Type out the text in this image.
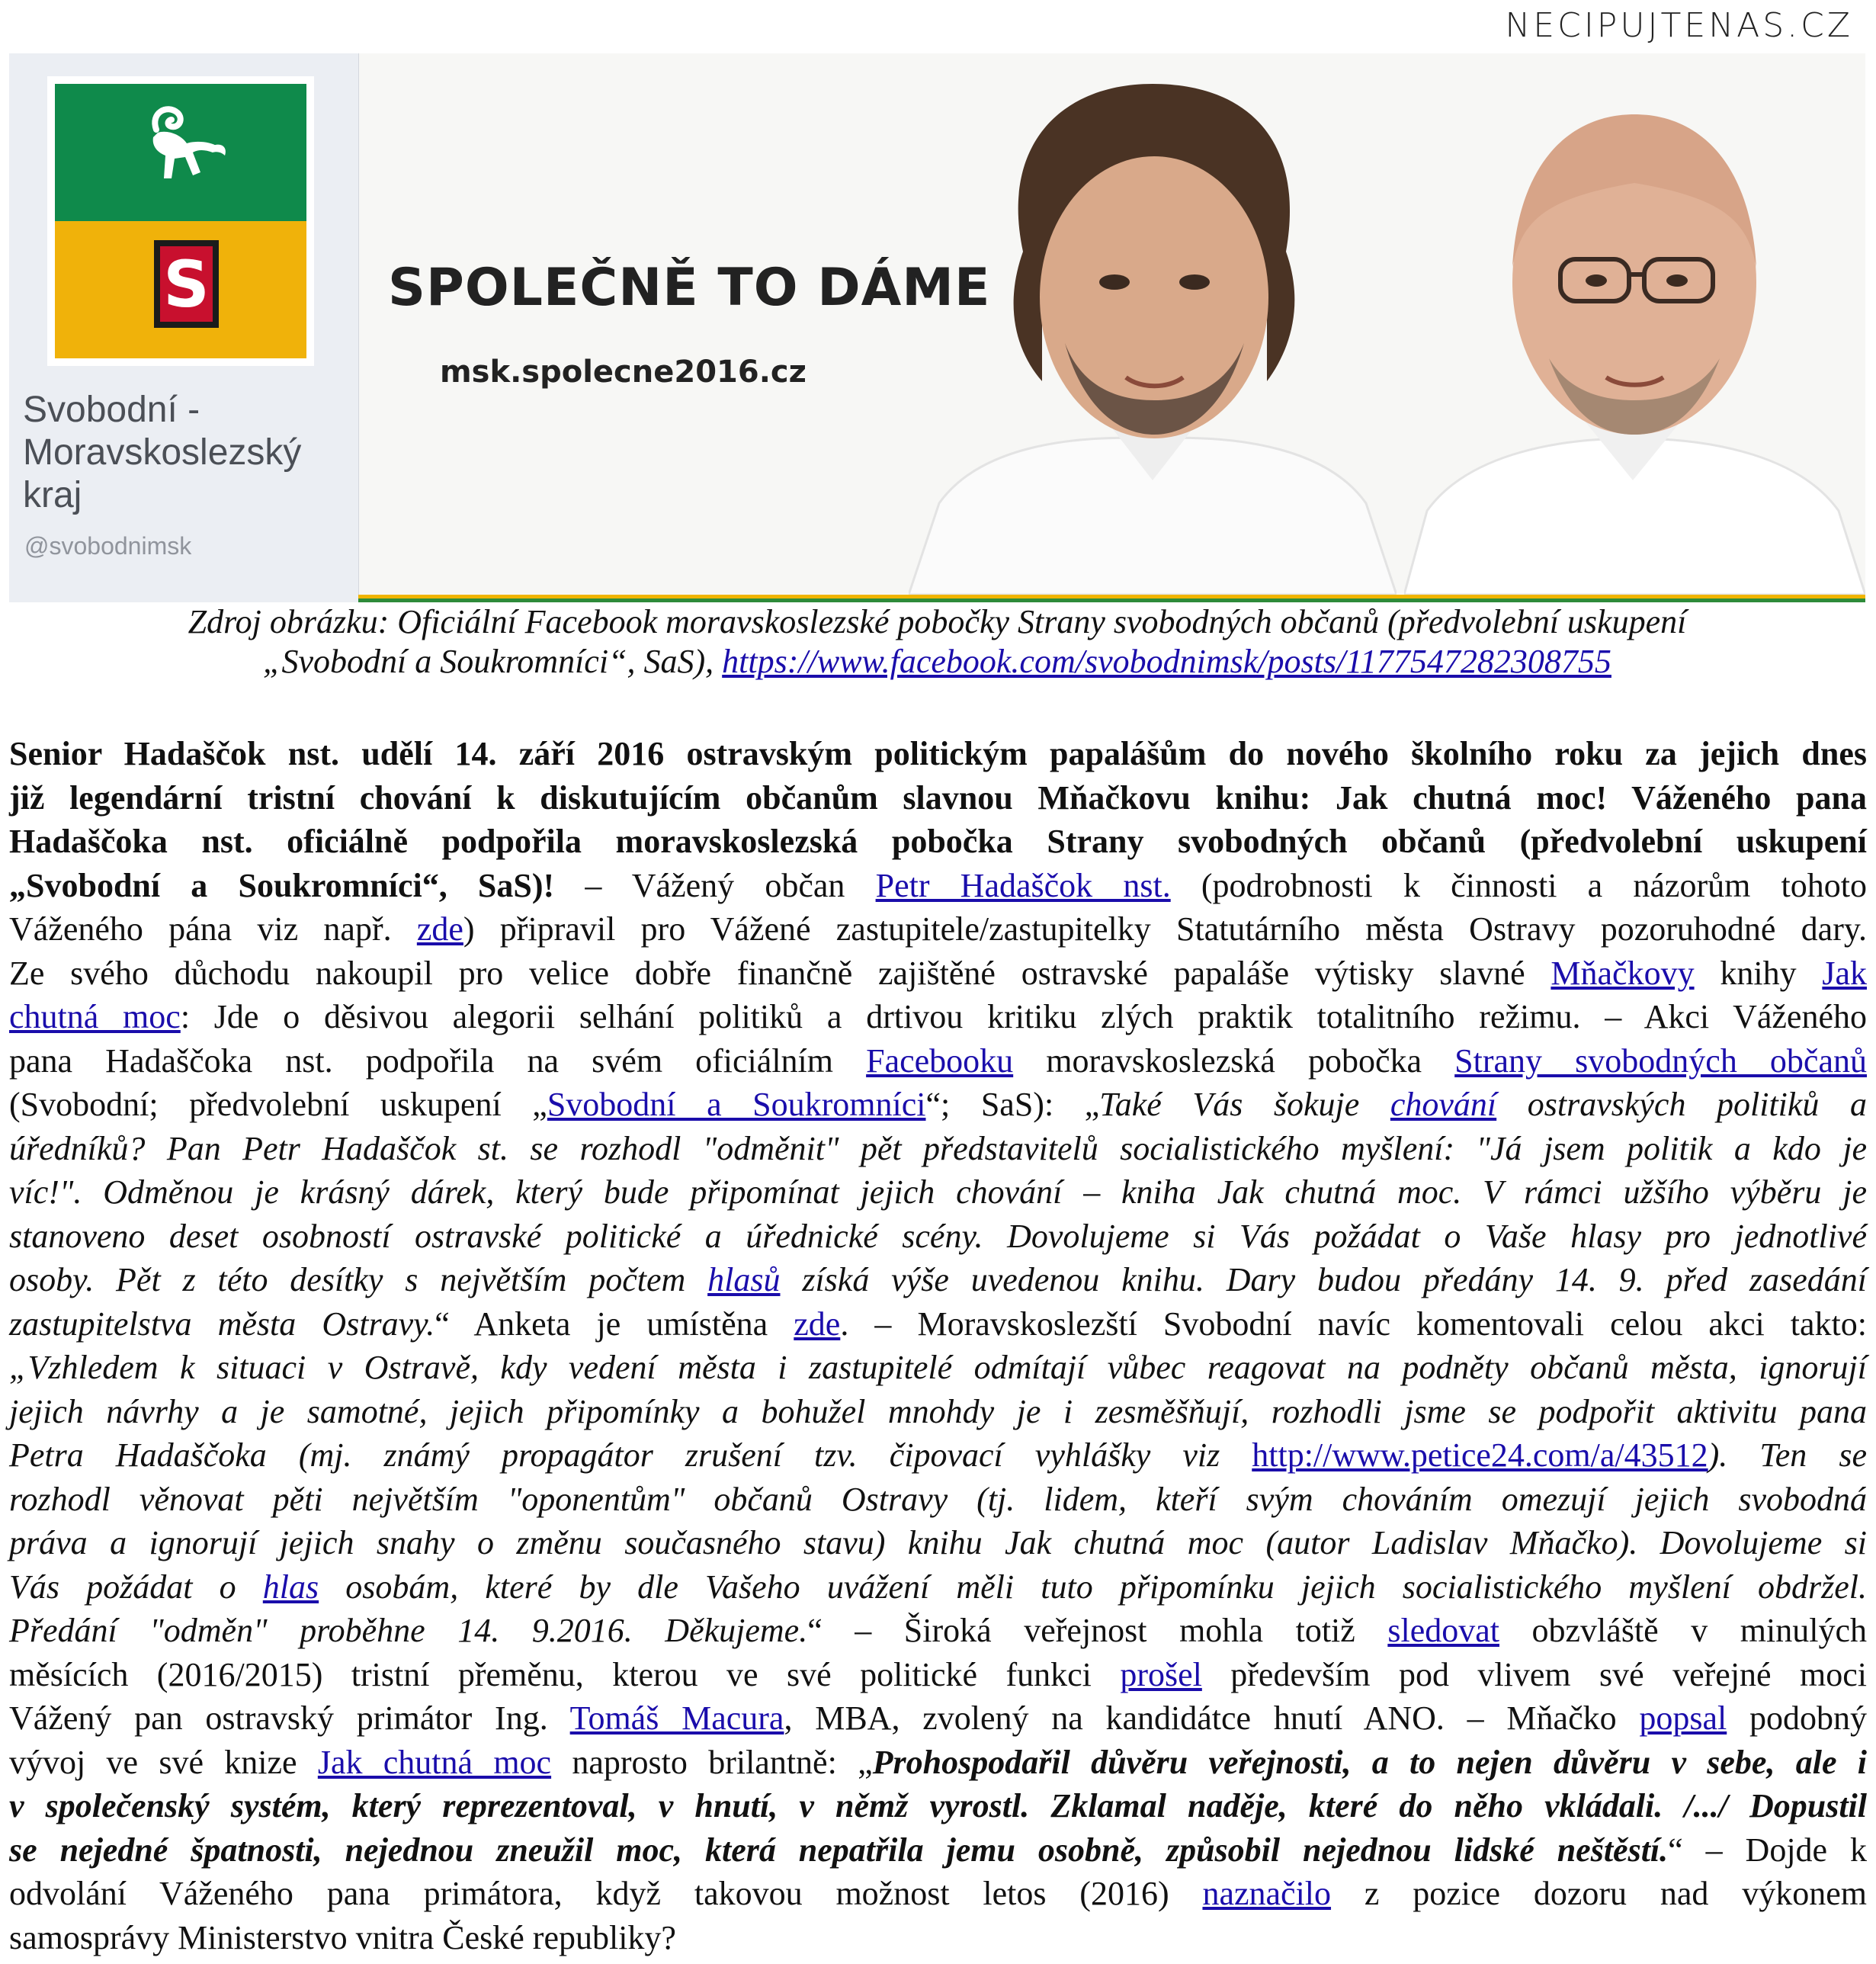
NECIPUJTENAS.CZ
S
Svobodní -
Moravskoslezský
kraj
@svobodnimsk
SPOLEČNĚ TO DÁME
msk.spolecne2016.cz
Zdroj obrázku: Oficiální Facebook moravskoslezské pobočky Strany svobodných občanů (předvolební uskupení
„Svobodní a Soukromníci“, SaS), https://www.facebook.com/svobodnimsk/posts/1177547282308755
Senior Hadaščok nst. udělí 14. září 2016 ostravským politickým papalášům do nového školního roku za jejich dnes
již legendární tristní chování k diskutujícím občanům slavnou Mňačkovu knihu: Jak chutná moc! Váženého pana
Hadaščoka nst. oficiálně podpořila moravskoslezská pobočka Strany svobodných občanů (předvolební uskupení
„Svobodní a Soukromníci“, SaS)! – Vážený občan Petr Hadaščok nst. (podrobnosti k činnosti a názorům tohoto
Váženého pána viz např. zde) připravil pro Vážené zastupitele/zastupitelky Statutárního města Ostravy pozoruhodné dary.
Ze svého důchodu nakoupil pro velice dobře finančně zajištěné ostravské papaláše výtisky slavné Mňačkovy knihy Jak
chutná moc: Jde o děsivou alegorii selhání politiků a drtivou kritiku zlých praktik totalitního režimu. – Akci Váženého
pana Hadaščoka nst. podpořila na svém oficiálním Facebooku moravskoslezská pobočka Strany svobodných občanů
(Svobodní; předvolební uskupení „Svobodní a Soukromníci“; SaS): „Také Vás šokuje chování ostravských politiků a
úředníků? Pan Petr Hadaščok st. se rozhodl "odměnit" pět představitelů socialistického myšlení: "Já jsem politik a kdo je
víc!". Odměnou je krásný dárek, který bude připomínat jejich chování – kniha Jak chutná moc. V rámci užšího výběru je
stanoveno deset osobností ostravské politické a úřednické scény. Dovolujeme si Vás požádat o Vaše hlasy pro jednotlivé
osoby. Pět z této desítky s největším počtem hlasů získá výše uvedenou knihu. Dary budou předány 14. 9. před zasedání
zastupitelstva města Ostravy.“ Anketa je umístěna zde. – Moravskoslezští Svobodní navíc komentovali celou akci takto:
„Vzhledem k situaci v Ostravě, kdy vedení města i zastupitelé odmítají vůbec reagovat na podněty občanů města, ignorují
jejich návrhy a je samotné, jejich připomínky a bohužel mnohdy je i zesměšňují, rozhodli jsme se podpořit aktivitu pana
Petra Hadaščoka (mj. známý propagátor zrušení tzv. čipovací vyhlášky viz http://www.petice24.com/a/43512). Ten se
rozhodl věnovat pěti největším "oponentům" občanů Ostravy (tj. lidem, kteří svým chováním omezují jejich svobodná
práva a ignorují jejich snahy o změnu současného stavu) knihu Jak chutná moc (autor Ladislav Mňačko). Dovolujeme si
Vás požádat o hlas osobám, které by dle Vašeho uvážení měli tuto připomínku jejich socialistického myšlení obdržel.
Předání "odměn" proběhne 14. 9.2016. Děkujeme.“ – Široká veřejnost mohla totiž sledovat obzvláště v minulých
měsících (2016/2015) tristní přeměnu, kterou ve své politické funkci prošel především pod vlivem své veřejné moci
Vážený pan ostravský primátor Ing. Tomáš Macura, MBA, zvolený na kandidátce hnutí ANO. – Mňačko popsal podobný
vývoj ve své knize Jak chutná moc naprosto brilantně: „Prohospodařil důvěru veřejnosti, a to nejen důvěru v sebe, ale i
v společenský systém, který reprezentoval, v hnutí, v němž vyrostl. Zklamal naděje, které do něho vkládali. /.../ Dopustil
se nejedné špatnosti, nejednou zneužil moc, která nepatřila jemu osobně, způsobil nejednou lidské neštěstí.“ – Dojde k
odvolání Váženého pana primátora, když takovou možnost letos (2016) naznačilo z pozice dozoru nad výkonem
samosprávy Ministerstvo vnitra České republiky?
